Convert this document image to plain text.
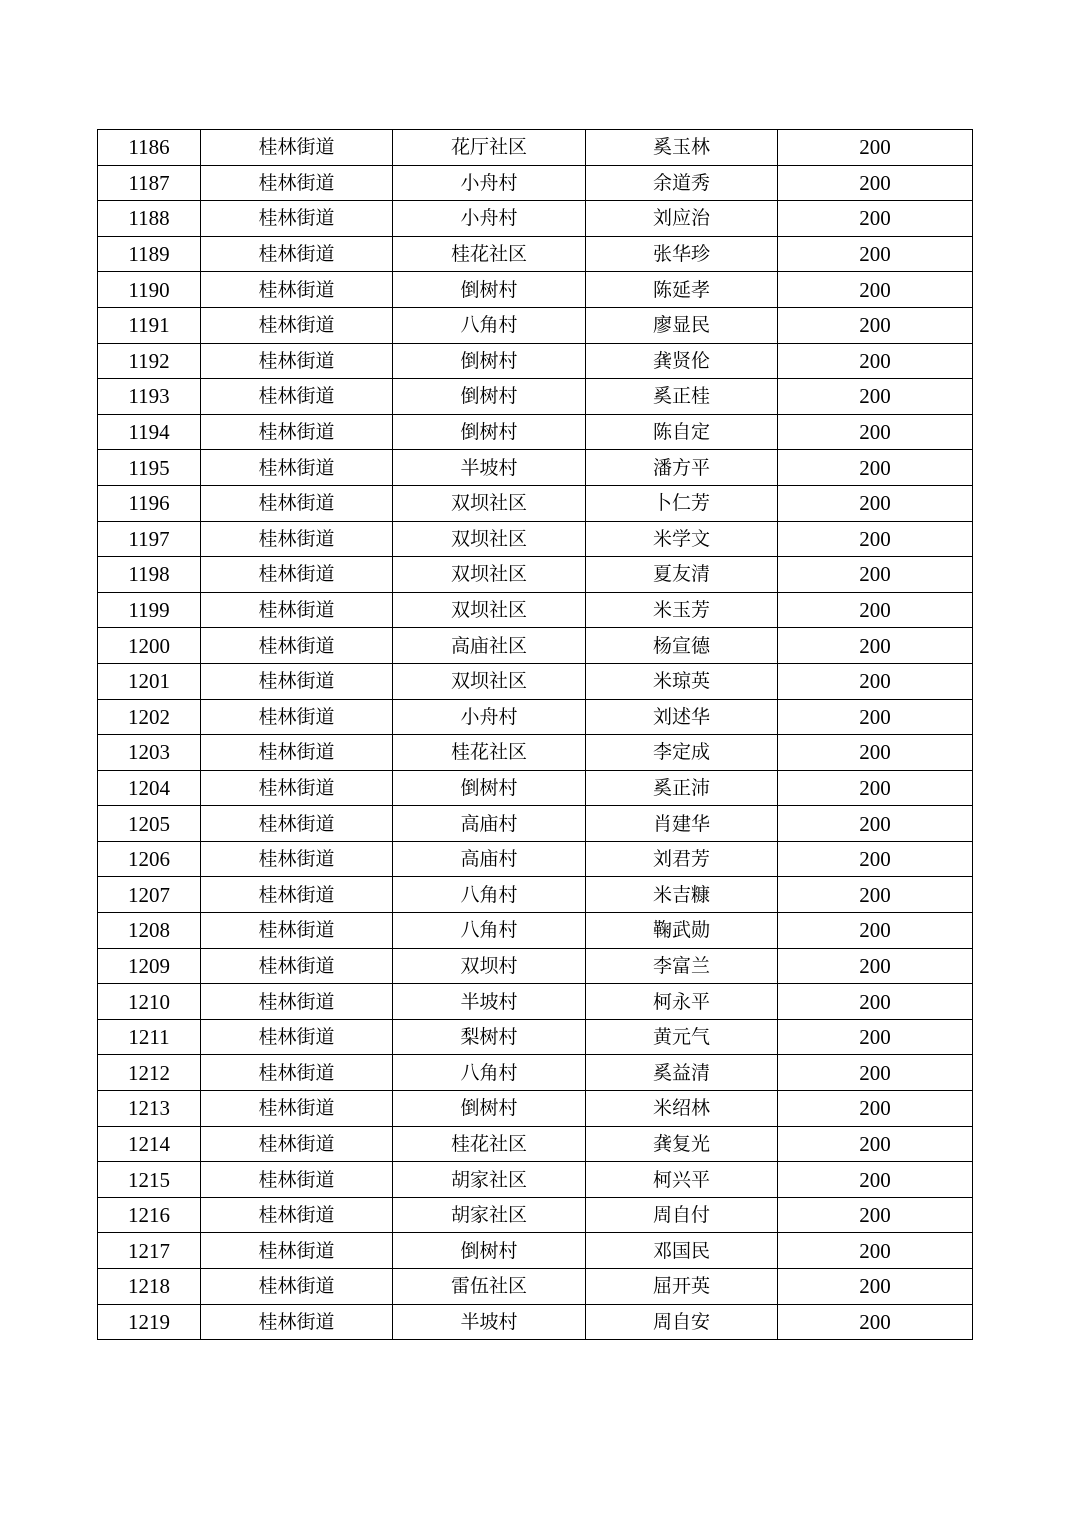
1186	桂林街道	花厅社区	奚玉林	200
1187	桂林街道	小舟村	余道秀	200
1188	桂林街道	小舟村	刘应治	200
1189	桂林街道	桂花社区	张华珍	200
1190	桂林街道	倒树村	陈延孝	200
1191	桂林街道	八角村	廖显民	200
1192	桂林街道	倒树村	龚贤伦	200
1193	桂林街道	倒树村	奚正桂	200
1194	桂林街道	倒树村	陈自定	200
1195	桂林街道	半坡村	潘方平	200
1196	桂林街道	双坝社区	卜仁芳	200
1197	桂林街道	双坝社区	米学文	200
1198	桂林街道	双坝社区	夏友清	200
1199	桂林街道	双坝社区	米玉芳	200
1200	桂林街道	高庙社区	杨宣德	200
1201	桂林街道	双坝社区	米琼英	200
1202	桂林街道	小舟村	刘述华	200
1203	桂林街道	桂花社区	李定成	200
1204	桂林街道	倒树村	奚正沛	200
1205	桂林街道	高庙村	肖建华	200
1206	桂林街道	高庙村	刘君芳	200
1207	桂林街道	八角村	米吉糠	200
1208	桂林街道	八角村	鞠武勋	200
1209	桂林街道	双坝村	李富兰	200
1210	桂林街道	半坡村	柯永平	200
1211	桂林街道	梨树村	黄元气	200
1212	桂林街道	八角村	奚益清	200
1213	桂林街道	倒树村	米绍林	200
1214	桂林街道	桂花社区	龚复光	200
1215	桂林街道	胡家社区	柯兴平	200
1216	桂林街道	胡家社区	周自付	200
1217	桂林街道	倒树村	邓国民	200
1218	桂林街道	雷伍社区	屈开英	200
1219	桂林街道	半坡村	周自安	200
